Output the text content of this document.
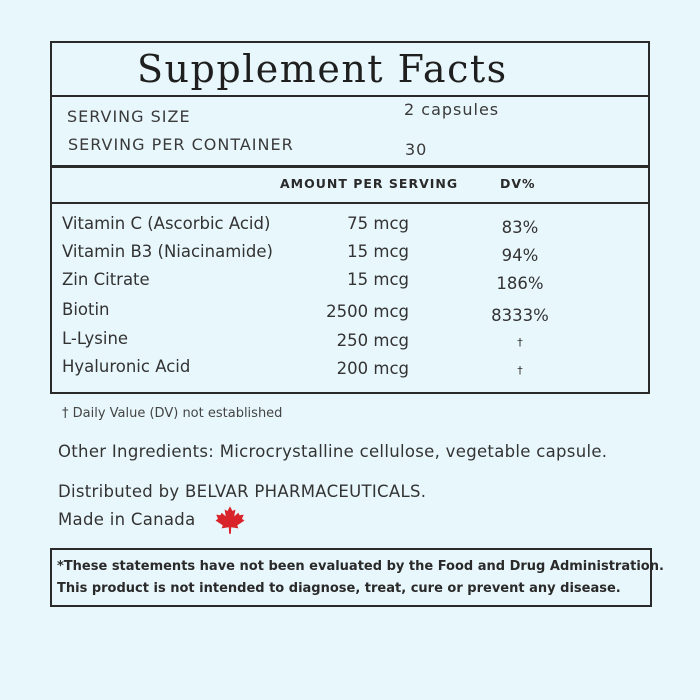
Supplement Facts
SERVING SIZE	2 capsules
SERVING PER CONTAINER	30
AMOUNT PER SERVING	DV%
Vitamin C (Ascorbic Acid)	75 mcg	83%
Vitamin B3 (Niacinamide)	15 mcg	94%
Zin Citrate	15 mcg	186%
Biotin	2500 mcg	8333%
L-Lysine	250 mcg	†
Hyaluronic Acid	200 mcg	†
† Daily Value (DV) not established
Other Ingredients: Microcrystalline cellulose, vegetable capsule.
Distributed by BELVAR PHARMACEUTICALS.
Made in Canada
*These statements have not been evaluated by the Food and Drug Administration.
This product is not intended to diagnose, treat, cure or prevent any disease.
